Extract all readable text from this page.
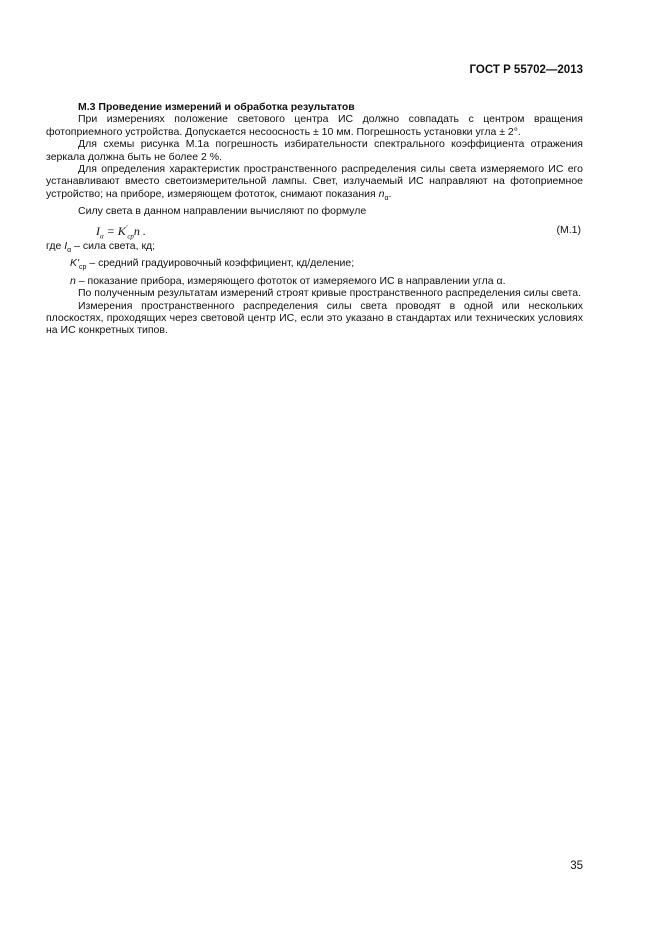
ГОСТ Р 55702—2013

М.3 Проведение измерений и обработка результатов

При измерениях положение светового центра ИС должно совпадать с центром вращения фотоприемного устройства. Допускается несоосность ± 10 мм. Погрешность установки угла ± 2°.

Для схемы рисунка М.1а погрешность избирательности спектрального коэффициента отражения зеркала должна быть не более 2 %.

Для определения характеристик пространственного распределения силы света измеряемого ИС его устанавливают вместо светоизмерительной лампы. Свет, излучаемый ИС направляют на фотоприемное устройство; на приборе, измеряющем фототок, снимают показания $n_\alpha$.

Силу света в данном направлении вычисляют по формуле

$I_\alpha = K'_{ср}n$ .	(М.1)

где $I_\alpha$ – сила света, кд;

$K'_{ср}$ – средний градуировочный коэффициент, кд/деление;

n – показание прибора, измеряющего фототок от измеряемого ИС в направлении угла α.

По полученным результатам измерений строят кривые пространственного распределения силы света.

Измерения пространственного распределения силы света проводят в одной или нескольких плоскостях, проходящих через световой центр ИС, если это указано в стандартах или технических условиях на ИС конкретных типов.

35
